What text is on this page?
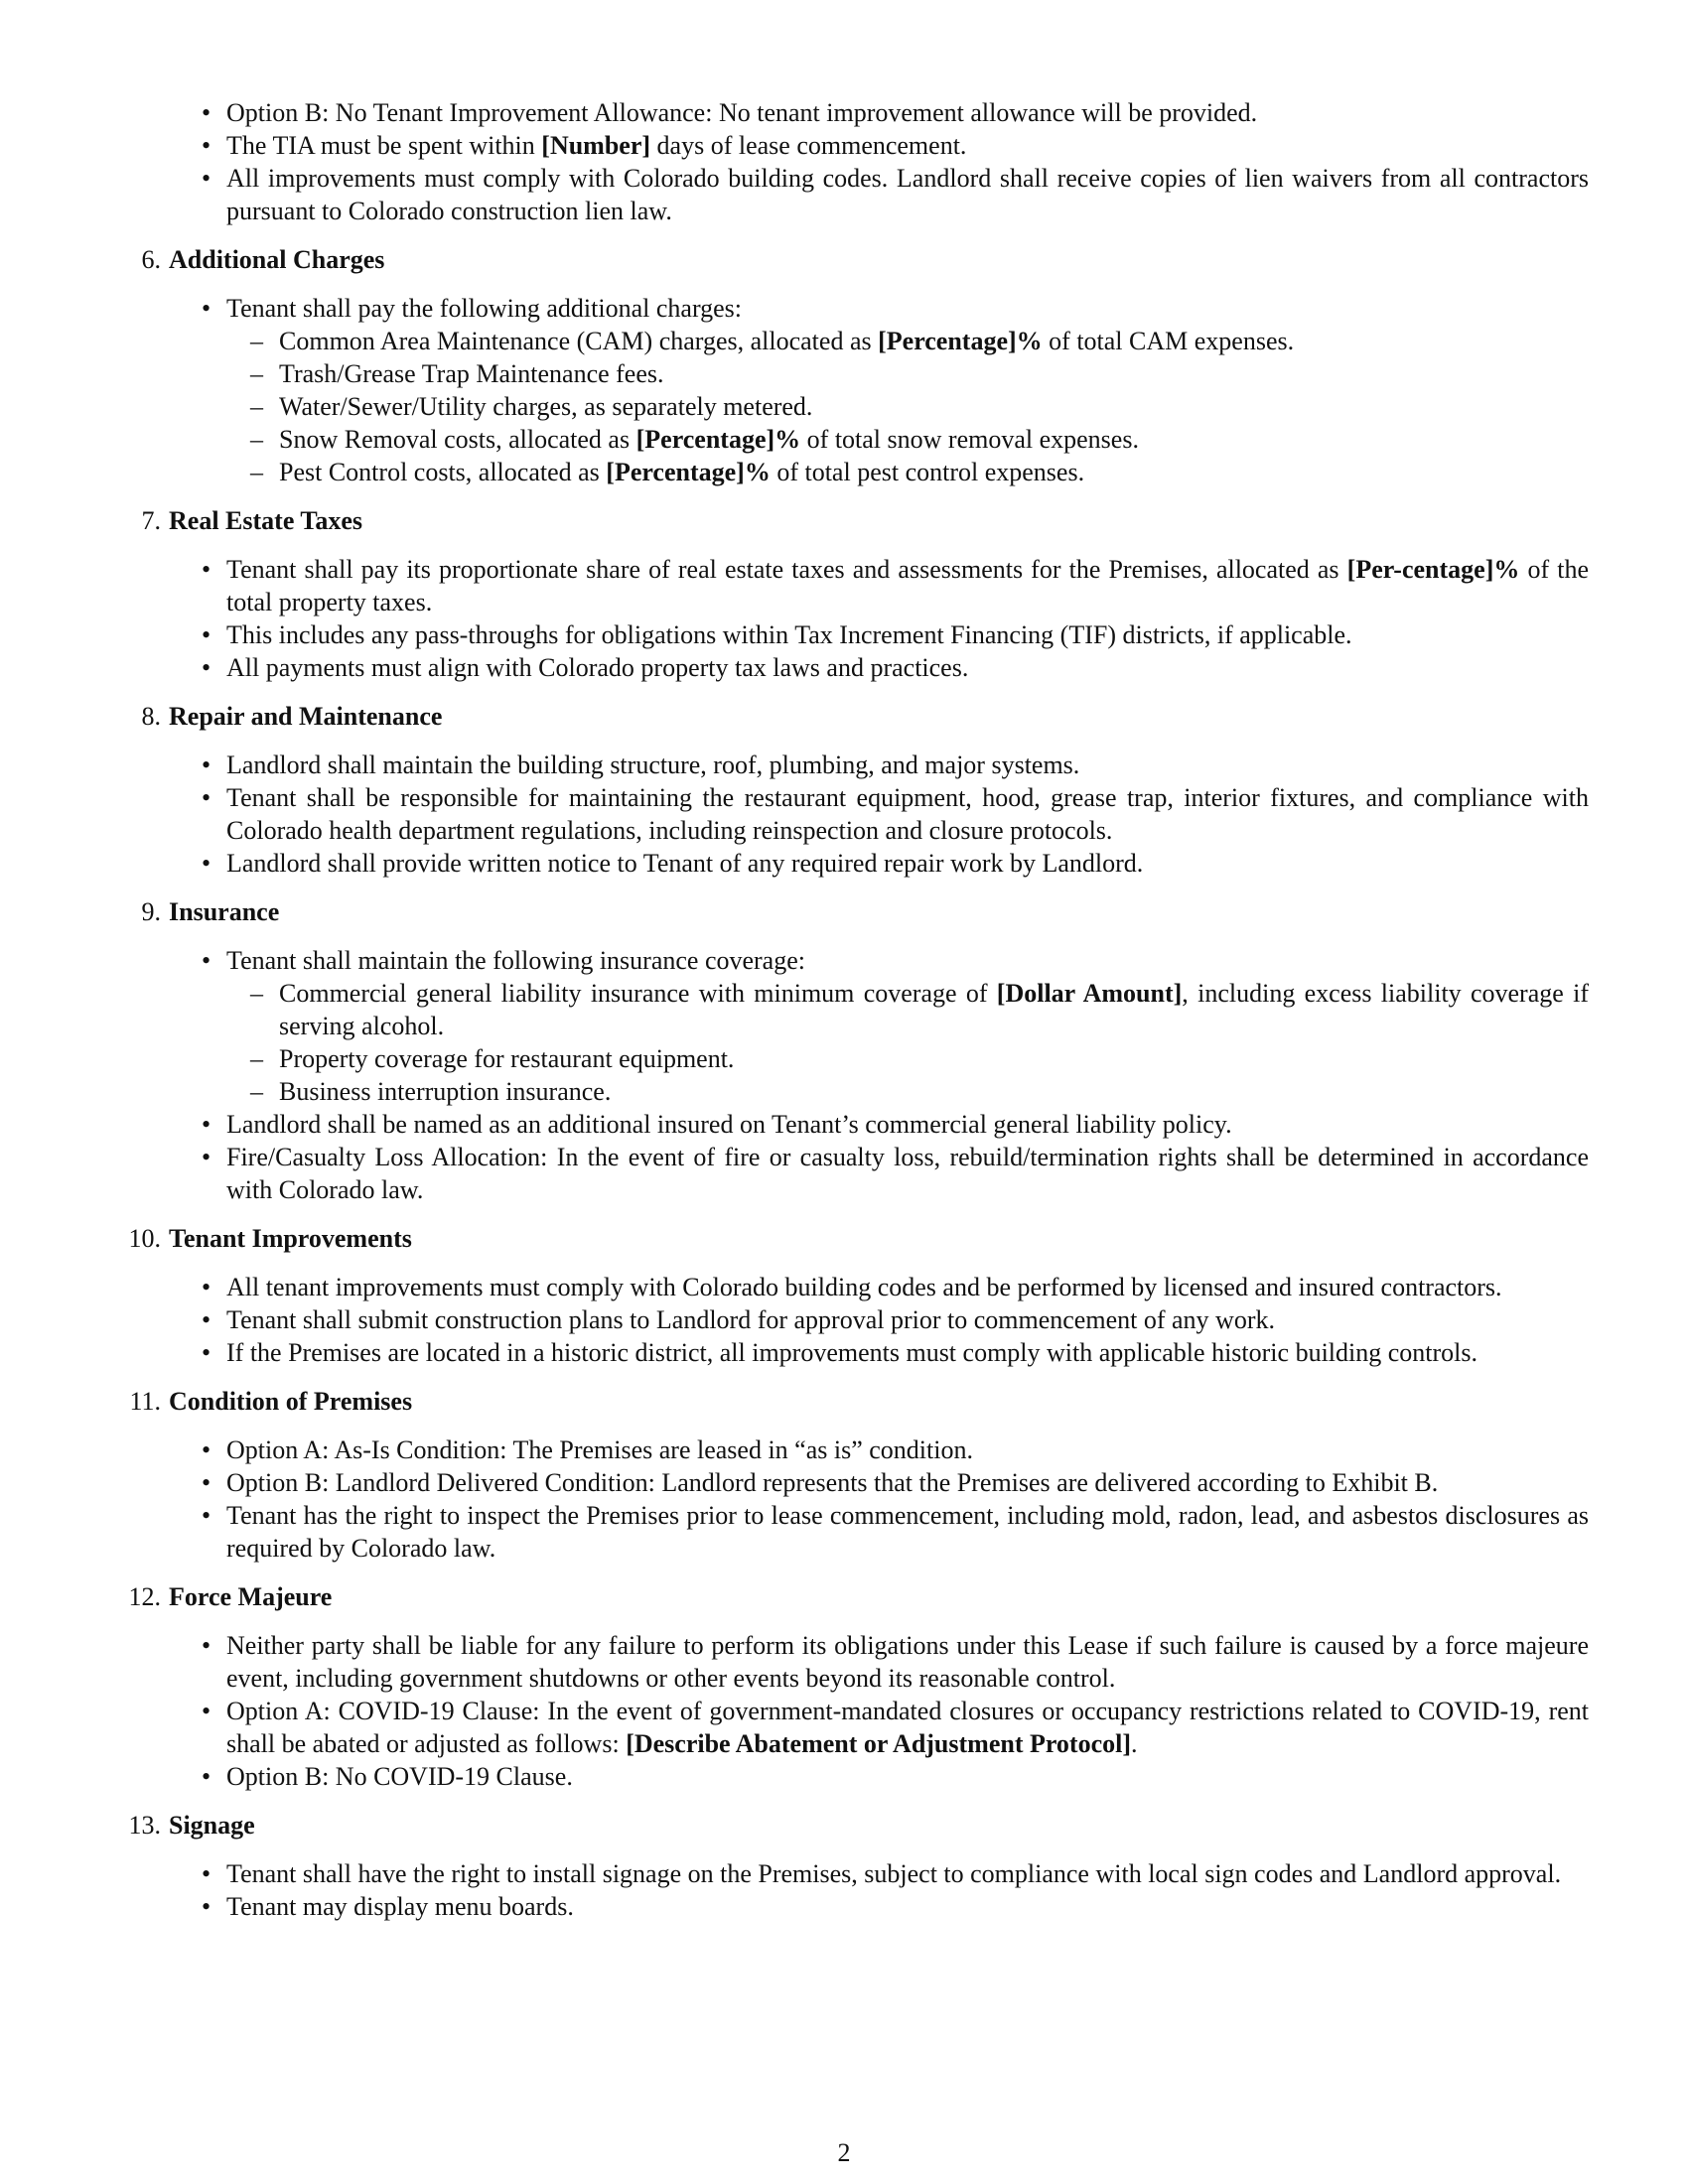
• Option B: No Tenant Improvement Allowance: No tenant improvement allowance will be provided.
• The TIA must be spent within [Number] days of lease commencement.
• All improvements must comply with Colorado building codes. Landlord shall receive copies of lien waivers from all contractors pursuant to Colorado construction lien law.
6. Additional Charges
• Tenant shall pay the following additional charges:
– Common Area Maintenance (CAM) charges, allocated as [Percentage]% of total CAM expenses.
– Trash/Grease Trap Maintenance fees.
– Water/Sewer/Utility charges, as separately metered.
– Snow Removal costs, allocated as [Percentage]% of total snow removal expenses.
– Pest Control costs, allocated as [Percentage]% of total pest control expenses.
7. Real Estate Taxes
• Tenant shall pay its proportionate share of real estate taxes and assessments for the Premises, allocated as [Per-centage]% of the total property taxes.
• This includes any pass-throughs for obligations within Tax Increment Financing (TIF) districts, if applicable.
• All payments must align with Colorado property tax laws and practices.
8. Repair and Maintenance
• Landlord shall maintain the building structure, roof, plumbing, and major systems.
• Tenant shall be responsible for maintaining the restaurant equipment, hood, grease trap, interior fixtures, and compliance with Colorado health department regulations, including reinspection and closure protocols.
• Landlord shall provide written notice to Tenant of any required repair work by Landlord.
9. Insurance
• Tenant shall maintain the following insurance coverage:
– Commercial general liability insurance with minimum coverage of [Dollar Amount], including excess liability coverage if serving alcohol.
– Property coverage for restaurant equipment.
– Business interruption insurance.
• Landlord shall be named as an additional insured on Tenant’s commercial general liability policy.
• Fire/Casualty Loss Allocation: In the event of fire or casualty loss, rebuild/termination rights shall be determined in accordance with Colorado law.
10. Tenant Improvements
• All tenant improvements must comply with Colorado building codes and be performed by licensed and insured contractors.
• Tenant shall submit construction plans to Landlord for approval prior to commencement of any work.
• If the Premises are located in a historic district, all improvements must comply with applicable historic building controls.
11. Condition of Premises
• Option A: As-Is Condition: The Premises are leased in “as is” condition.
• Option B: Landlord Delivered Condition: Landlord represents that the Premises are delivered according to Exhibit B.
• Tenant has the right to inspect the Premises prior to lease commencement, including mold, radon, lead, and asbestos disclosures as required by Colorado law.
12. Force Majeure
• Neither party shall be liable for any failure to perform its obligations under this Lease if such failure is caused by a force majeure event, including government shutdowns or other events beyond its reasonable control.
• Option A: COVID-19 Clause: In the event of government-mandated closures or occupancy restrictions related to COVID-19, rent shall be abated or adjusted as follows: [Describe Abatement or Adjustment Protocol].
• Option B: No COVID-19 Clause.
13. Signage
• Tenant shall have the right to install signage on the Premises, subject to compliance with local sign codes and Landlord approval.
• Tenant may display menu boards.
2
